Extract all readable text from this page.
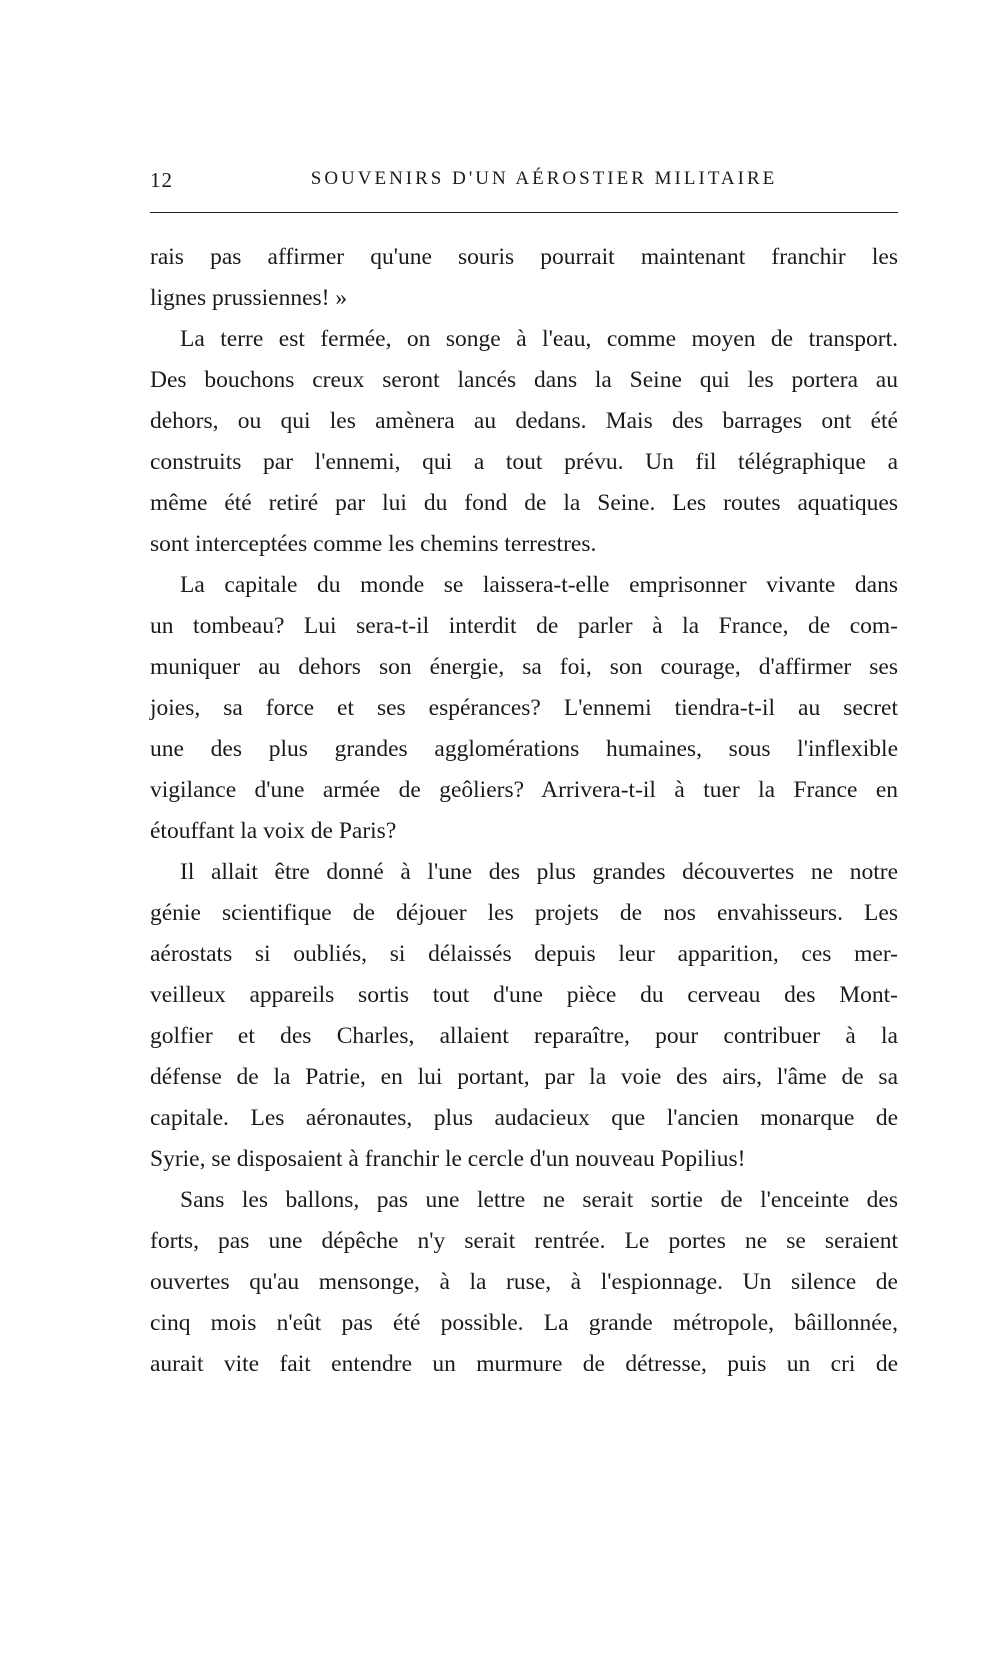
12	SOUVENIRS D'UN AÉROSTIER MILITAIRE
rais pas affirmer qu'une souris pourrait maintenant franchir les
lignes prussiennes! »
La terre est fermée, on songe à l'eau, comme moyen de transport.
Des bouchons creux seront lancés dans la Seine qui les portera au
dehors, ou qui les amènera au dedans. Mais des barrages ont été
construits par l'ennemi, qui a tout prévu. Un fil télégraphique a
même été retiré par lui du fond de la Seine. Les routes aquatiques
sont interceptées comme les chemins terrestres.
La capitale du monde se laissera-t-elle emprisonner vivante dans
un tombeau? Lui sera-t-il interdit de parler à la France, de com-
muniquer au dehors son énergie, sa foi, son courage, d'affirmer ses
joies, sa force et ses espérances? L'ennemi tiendra-t-il au secret
une des plus grandes agglomérations humaines, sous l'inflexible
vigilance d'une armée de geôliers? Arrivera-t-il à tuer la France en
étouffant la voix de Paris?
Il allait être donné à l'une des plus grandes découvertes ne notre
génie scientifique de déjouer les projets de nos envahisseurs. Les
aérostats si oubliés, si délaissés depuis leur apparition, ces mer-
veilleux appareils sortis tout d'une pièce du cerveau des Mont-
golfier et des Charles, allaient reparaître, pour contribuer à la
défense de la Patrie, en lui portant, par la voie des airs, l'âme de sa
capitale. Les aéronautes, plus audacieux que l'ancien monarque de
Syrie, se disposaient à franchir le cercle d'un nouveau Popilius!
Sans les ballons, pas une lettre ne serait sortie de l'enceinte des
forts, pas une dépêche n'y serait rentrée. Le portes ne se seraient
ouvertes qu'au mensonge, à la ruse, à l'espionnage. Un silence de
cinq mois n'eût pas été possible. La grande métropole, bâillonnée,
aurait vite fait entendre un murmure de détresse, puis un cri de
